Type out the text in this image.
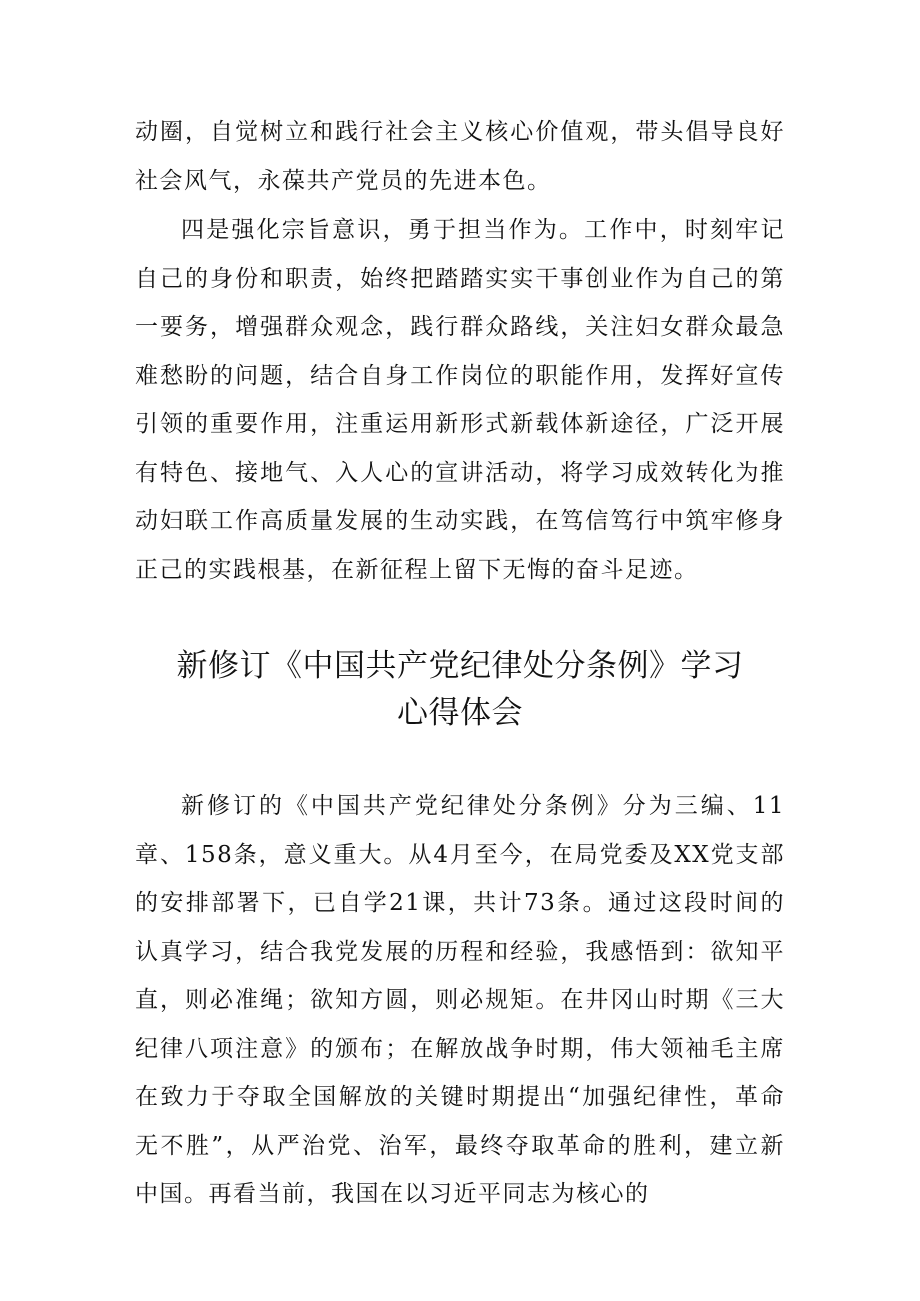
动圈，自觉树立和践行社会主义核心价值观，带头倡导良好社会风气，永葆共产党员的先进本色。

四是强化宗旨意识，勇于担当作为。工作中，时刻牢记自己的身份和职责，始终把踏踏实实干事创业作为自己的第一要务，增强群众观念，践行群众路线，关注妇女群众最急难愁盼的问题，结合自身工作岗位的职能作用，发挥好宣传引领的重要作用，注重运用新形式新载体新途径，广泛开展有特色、接地气、入人心的宣讲活动，将学习成效转化为推动妇联工作高质量发展的生动实践，在笃信笃行中筑牢修身正己的实践根基，在新征程上留下无悔的奋斗足迹。

新修订《中国共产党纪律处分条例》学习
心得体会

新修订的《中国共产党纪律处分条例》分为三编、11章、158条，意义重大。从4月至今，在局党委及XX党支部的安排部署下，已自学21课，共计73条。通过这段时间的认真学习，结合我党发展的历程和经验，我感悟到：欲知平直，则必准绳；欲知方圆，则必规矩。在井冈山时期《三大纪律八项注意》的颁布；在解放战争时期，伟大领袖毛主席在致力于夺取全国解放的关键时期提出“加强纪律性，革命无不胜”，从严治党、治军，最终夺取革命的胜利，建立新中国。再看当前，我国在以习近平同志为核心的
